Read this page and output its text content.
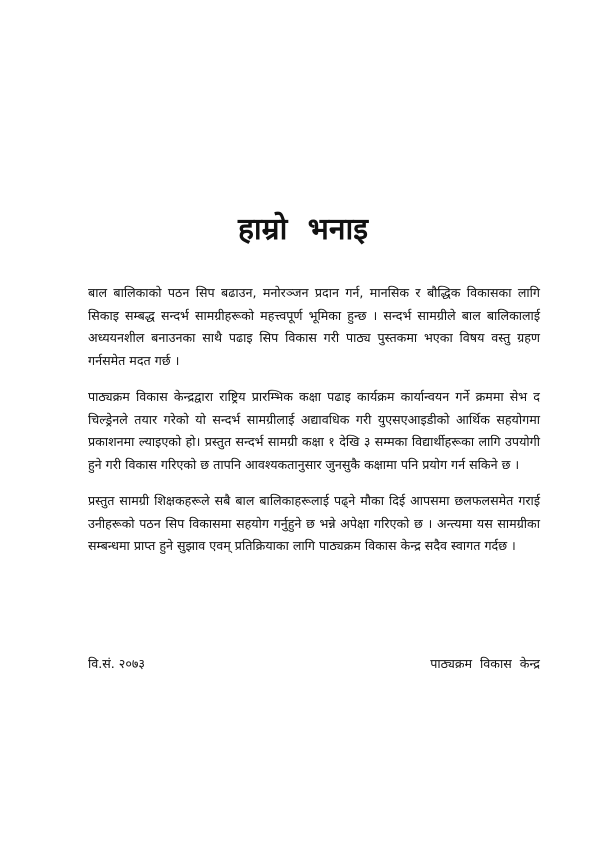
हाम्रो भनाइ

बाल बालिकाको पठन सिप बढाउन, मनोरञ्जन प्रदान गर्न, मानसिक र बौद्धिक विकासका लागि सिकाइ सम्बद्ध सन्दर्भ सामग्रीहरूको महत्त्वपूर्ण भूमिका हुन्छ । सन्दर्भ सामग्रीले बाल बालिकालाई अध्ययनशील बनाउनका साथै पढाइ सिप विकास गरी पाठ्य पुस्तकमा भएका विषय वस्तु ग्रहण गर्नसमेत मदत गर्छ ।

पाठ्यक्रम विकास केन्द्रद्वारा राष्ट्रिय प्रारम्भिक कक्षा पढाइ कार्यक्रम कार्यान्वयन गर्ने क्रममा सेभ द चिल्ड्रेनले तयार गरेको यो सन्दर्भ सामग्रीलाई अद्यावधिक गरी युएसएआइडीको आर्थिक सहयोगमा प्रकाशनमा ल्याइएको हो। प्रस्तुत सन्दर्भ सामग्री कक्षा १ देखि ३ सम्मका विद्यार्थीहरूका लागि उपयोगी हुने गरी विकास गरिएको छ तापनि आवश्यकतानुसार जुनसुकै कक्षामा पनि प्रयोग गर्न सकिने छ ।

प्रस्तुत सामग्री शिक्षकहरूले सबै बाल बालिकाहरूलाई पढ्ने मौका दिई आपसमा छलफलसमेत गराई उनीहरूको पठन सिप विकासमा सहयोग गर्नुहुने छ भन्ने अपेक्षा गरिएको छ । अन्त्यमा यस सामग्रीका सम्बन्धमा प्राप्त हुने सुझाव एवम् प्रतिक्रियाका लागि पाठ्यक्रम विकास केन्द्र सदैव स्वागत गर्दछ ।

वि.सं. २०७३	पाठ्यक्रम विकास केन्द्र
